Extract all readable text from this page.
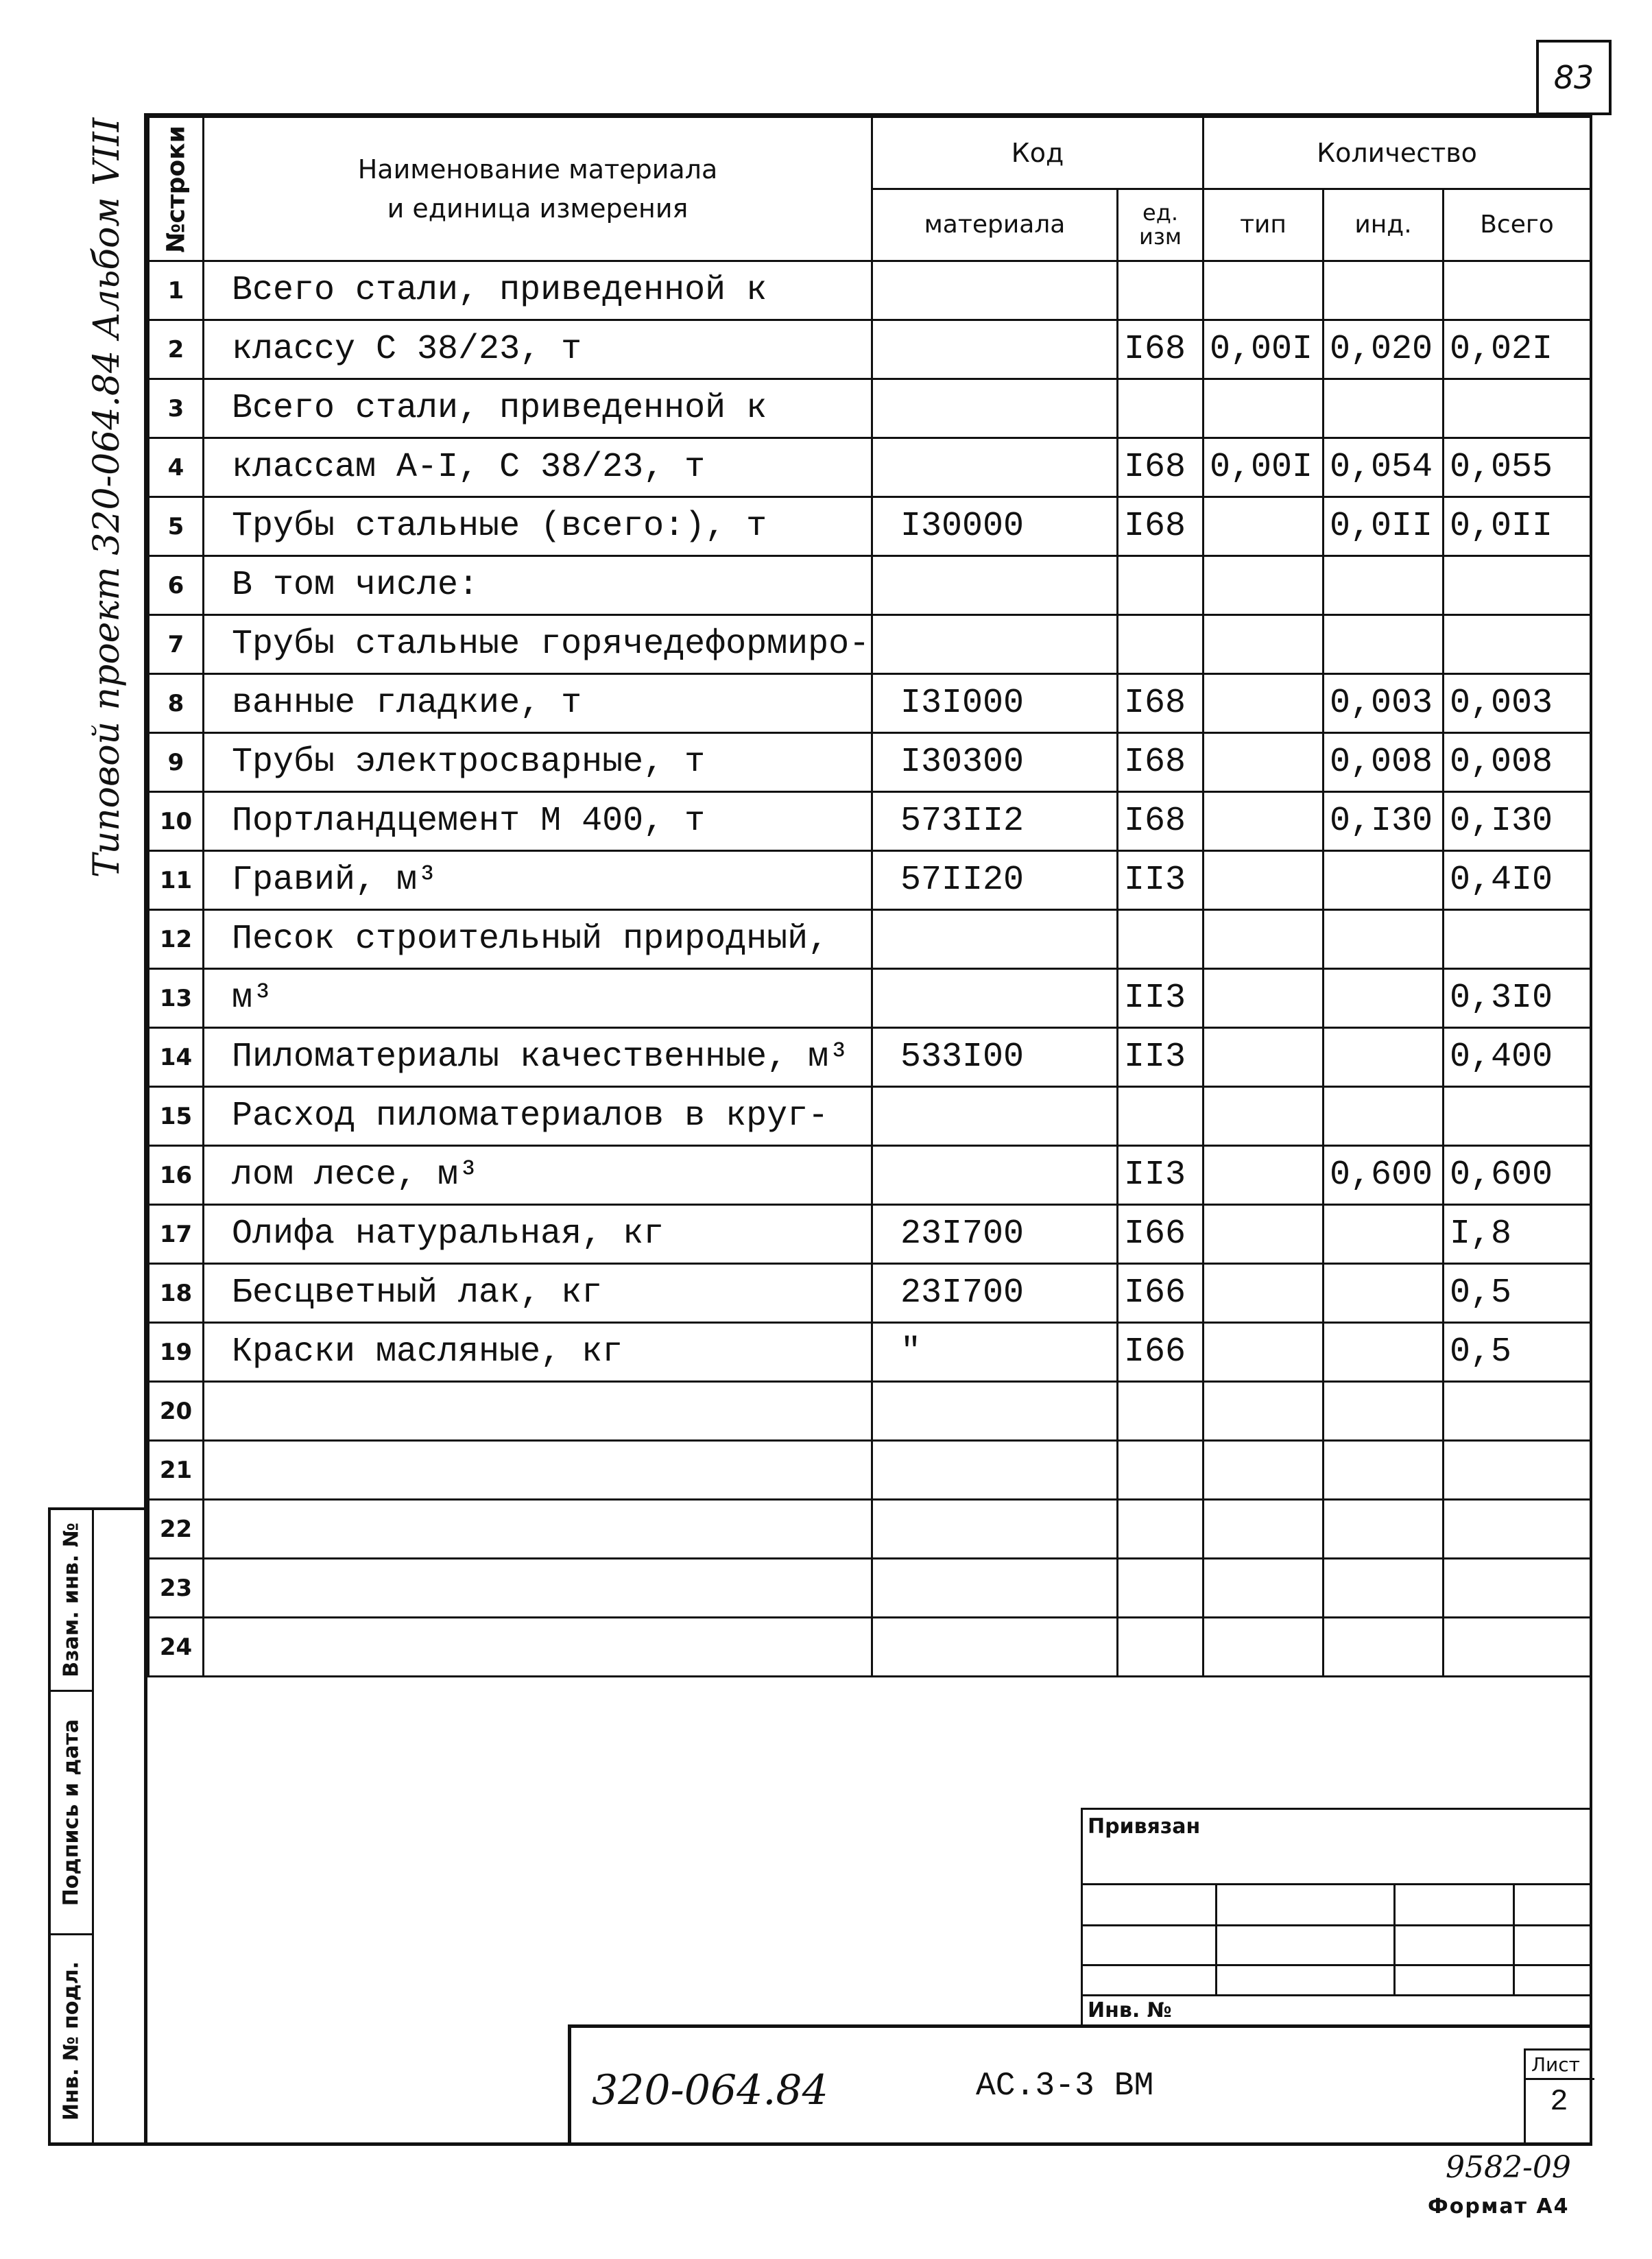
83
Типовой проект 320-064.84 Альбом VIII	№строки	Наименование материала
и единица измерения	Код		Количество		
		материала	ед. изм	тип	инд.	Всего
1	Всего стали, приведенной к					
2	классу С 38/23, т		I68	0,00I	0,020	0,02I
3	Всего стали, приведенной к					
4	классам А-I, С 38/23, т		I68	0,00I	0,054	0,055
5	Трубы стальные (всего:), т	I30000	I68		0,0II	0,0II
6	В том числе:					
7	Трубы стальные горячедеформиро-					
8	ванные гладкие, т	I3I000	I68		0,003	0,003
9	Трубы электросварные, т	I30300	I68		0,008	0,008
10	Портландцемент М 400, т	573II2	I68		0,I30	0,I30
11	Гравий, м³	57II20	II3			0,4I0
12	Песок строительный природный,					
13	м³		II3			0,3I0
14	Пиломатериалы качественные, м³	533I00	II3			0,400
15	Расход пиломатериалов в круг-					
16	лом лесе, м³		II3		0,600	0,600
17	Олифа натуральная, кг	23I700	I66			I,8
18	Бесцветный лак, кг	23I700	I66			0,5
19	Краски масляные, кг	"	I66			0,5
20						
21						
22						
23						
24						
Взам. инв. №
Подпись и дата
Инв. № подл.
Привязан
Инв. №
320-064.84	АС.3-3 ВМ
Лист
2
9582-09
Формат А4
